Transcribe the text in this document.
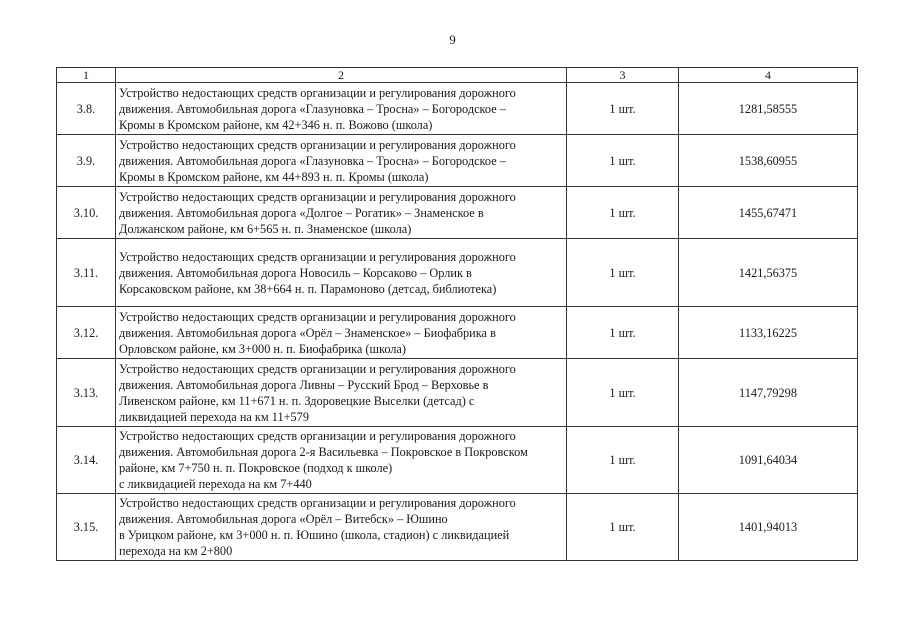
9
1	2	3	4
3.8.	Устройство недостающих средств организации и регулирования дорожного
движения. Автомобильная дорога «Глазуновка – Тросна» – Богородское –
Кромы в Кромском районе, км 42+346 н. п. Вожово (школа)	1 шт.	1281,58555
3.9.	Устройство недостающих средств организации и регулирования дорожного
движения. Автомобильная дорога «Глазуновка – Тросна» – Богородское –
Кромы в Кромском районе, км 44+893 н. п. Кромы (школа)	1 шт.	1538,60955
3.10.	Устройство недостающих средств организации и регулирования дорожного
движения. Автомобильная дорога «Долгое – Рогатик» – Знаменское в
Должанском районе, км 6+565 н. п. Знаменское (школа)	1 шт.	1455,67471
3.11.	Устройство недостающих средств организации и регулирования дорожного
движения. Автомобильная дорога Новосиль – Корсаково – Орлик в
Корсаковском районе, км 38+664 н. п. Парамоново (детсад, библиотека)	1 шт.	1421,56375
3.12.	Устройство недостающих средств организации и регулирования дорожного
движения. Автомобильная дорога «Орёл – Знаменское» – Биофабрика в
Орловском районе, км 3+000 н. п. Биофабрика (школа)	1 шт.	1133,16225
3.13.	Устройство недостающих средств организации и регулирования дорожного
движения. Автомобильная дорога Ливны – Русский Брод – Верховье в
Ливенском районе, км 11+671 н. п. Здоровецкие Выселки (детсад) с
ликвидацией перехода на км 11+579	1 шт.	1147,79298
3.14.	Устройство недостающих средств организации и регулирования дорожного
движения. Автомобильная дорога 2-я Васильевка – Покровское в Покровском
районе, км 7+750 н. п. Покровское (подход к школе)
с ликвидацией перехода на км 7+440	1 шт.	1091,64034
3.15.	Устройство недостающих средств организации и регулирования дорожного
движения. Автомобильная дорога «Орёл – Витебск» – Юшино
в Урицком районе, км 3+000 н. п. Юшино (школа, стадион) с ликвидацией
перехода на км 2+800	1 шт.	1401,94013
